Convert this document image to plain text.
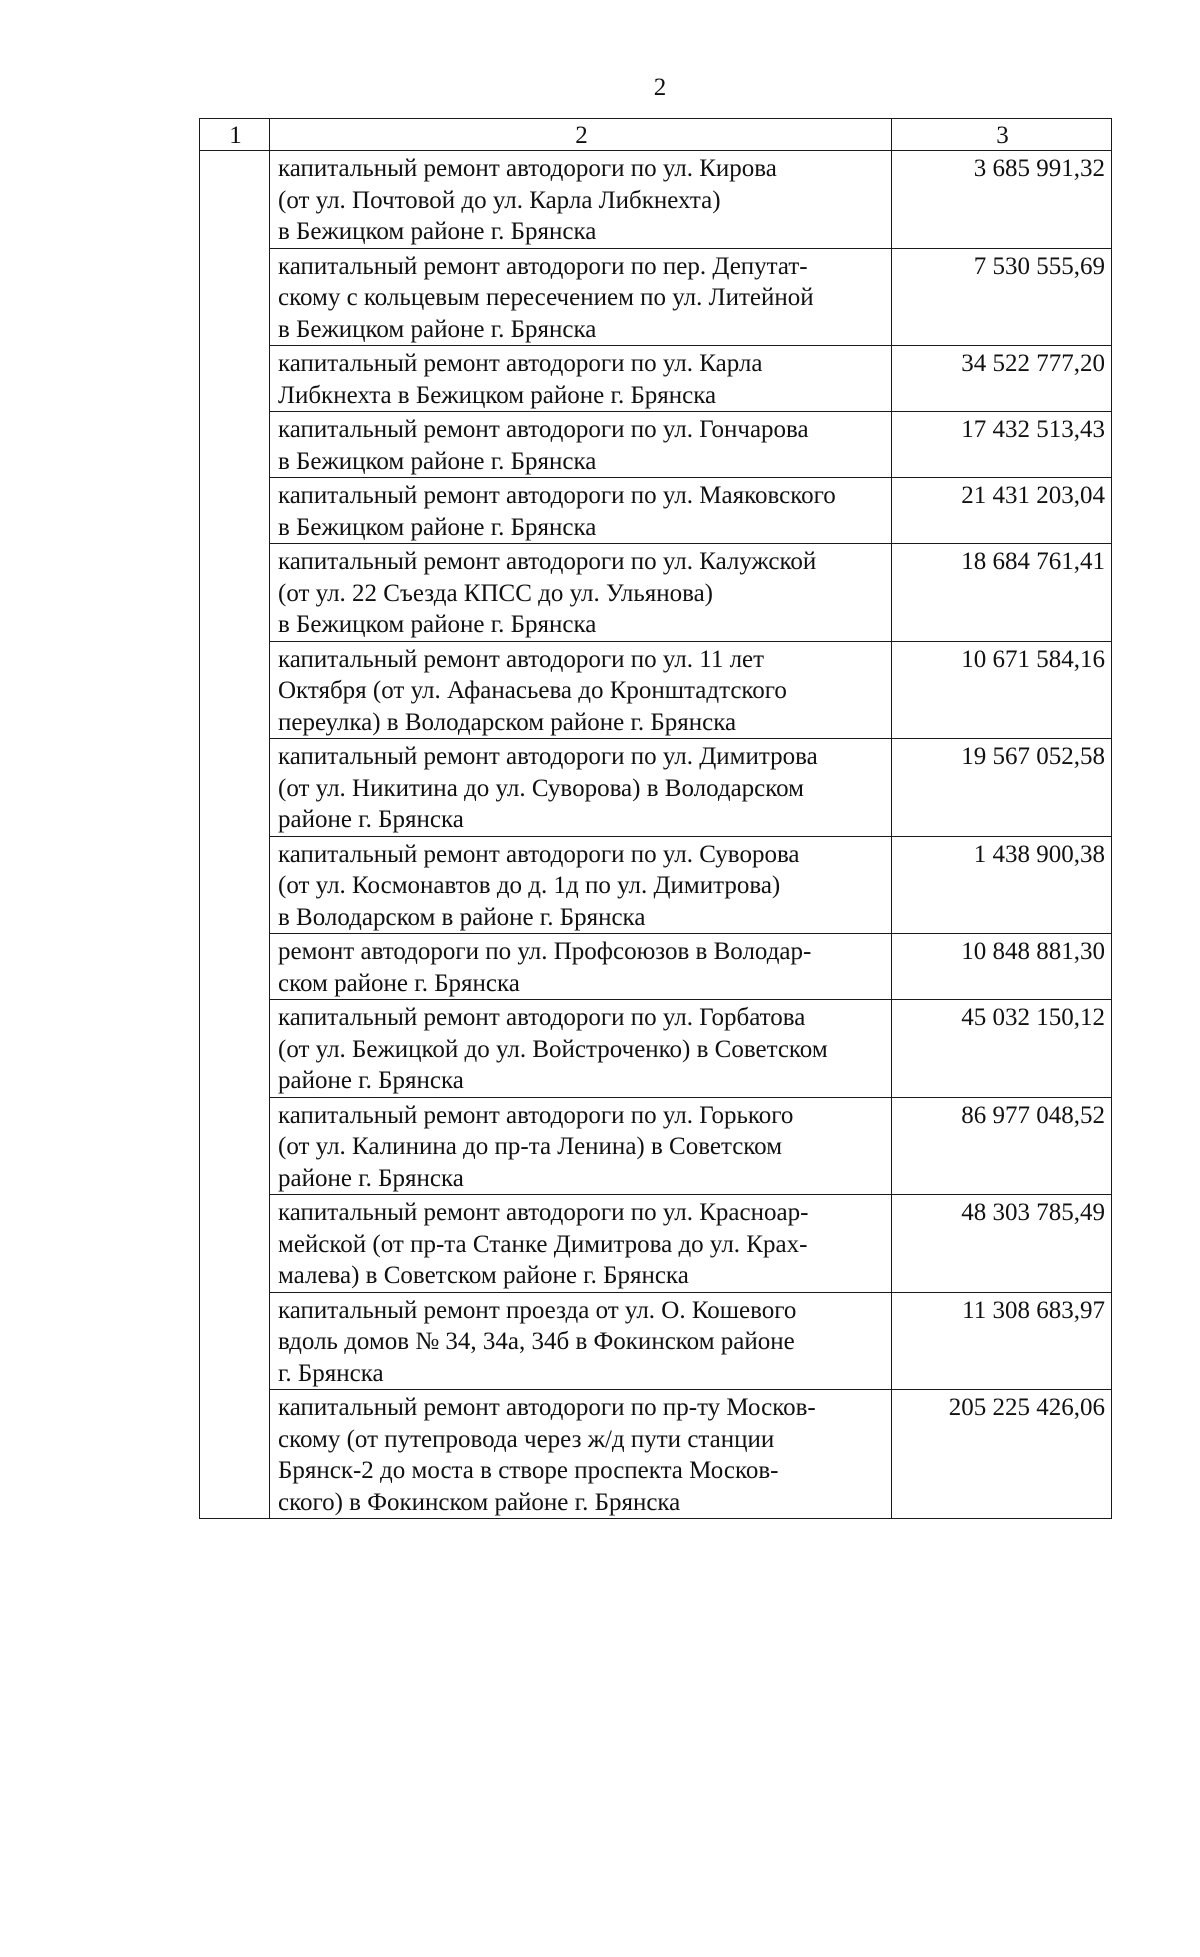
2
1	2	3

	капитальный ремонт автодороги по ул. Кирова
(от ул. Почтовой до ул. Карла Либкнехта)
в Бежицком районе г. Брянска	3 685 991,32

	капитальный ремонт автодороги по пер. Депутат-
скому с кольцевым пересечением по ул. Литейной
в Бежицком районе г. Брянска	7 530 555,69

	капитальный ремонт автодороги по ул. Карла
Либкнехта в Бежицком районе г. Брянска	34 522 777,20

	капитальный ремонт автодороги по ул. Гончарова
в Бежицком районе г. Брянска	17 432 513,43

	капитальный ремонт автодороги по ул. Маяковского
в Бежицком районе г. Брянска	21 431 203,04

	капитальный ремонт автодороги по ул. Калужской
(от ул. 22 Съезда КПСС до ул. Ульянова)
в Бежицком районе г. Брянска	18 684 761,41

	капитальный ремонт автодороги по ул. 11 лет
Октября (от ул. Афанасьева до Кронштадтского
переулка) в Володарском районе г. Брянска	10 671 584,16

	капитальный ремонт автодороги по ул. Димитрова
(от ул. Никитина до ул. Суворова) в Володарском
районе г. Брянска	19 567 052,58

	капитальный ремонт автодороги по ул. Суворова
(от ул. Космонавтов до д. 1д по ул. Димитрова)
в Володарском в районе г. Брянска	1 438 900,38

	ремонт автодороги по ул. Профсоюзов в Володар-
ском районе г. Брянска	10 848 881,30

	капитальный ремонт автодороги по ул. Горбатова
(от ул. Бежицкой до ул. Войстроченко) в Советском
районе г. Брянска	45 032 150,12

	капитальный ремонт автодороги по ул. Горького
(от ул. Калинина до пр-та Ленина) в Советском
районе г. Брянска	86 977 048,52

	капитальный ремонт автодороги по ул. Красноар-
мейской (от пр-та Станке Димитрова до ул. Крах-
малева) в Советском районе г. Брянска	48 303 785,49

	капитальный ремонт проезда от ул. О. Кошевого
вдоль домов № 34, 34а, 34б в Фокинском районе
г. Брянска	11 308 683,97

	капитальный ремонт автодороги по пр-ту Москов-
скому (от путепровода через ж/д пути станции
Брянск-2 до моста в створе проспекта Москов-
ского) в Фокинском районе г. Брянска	205 225 426,06
